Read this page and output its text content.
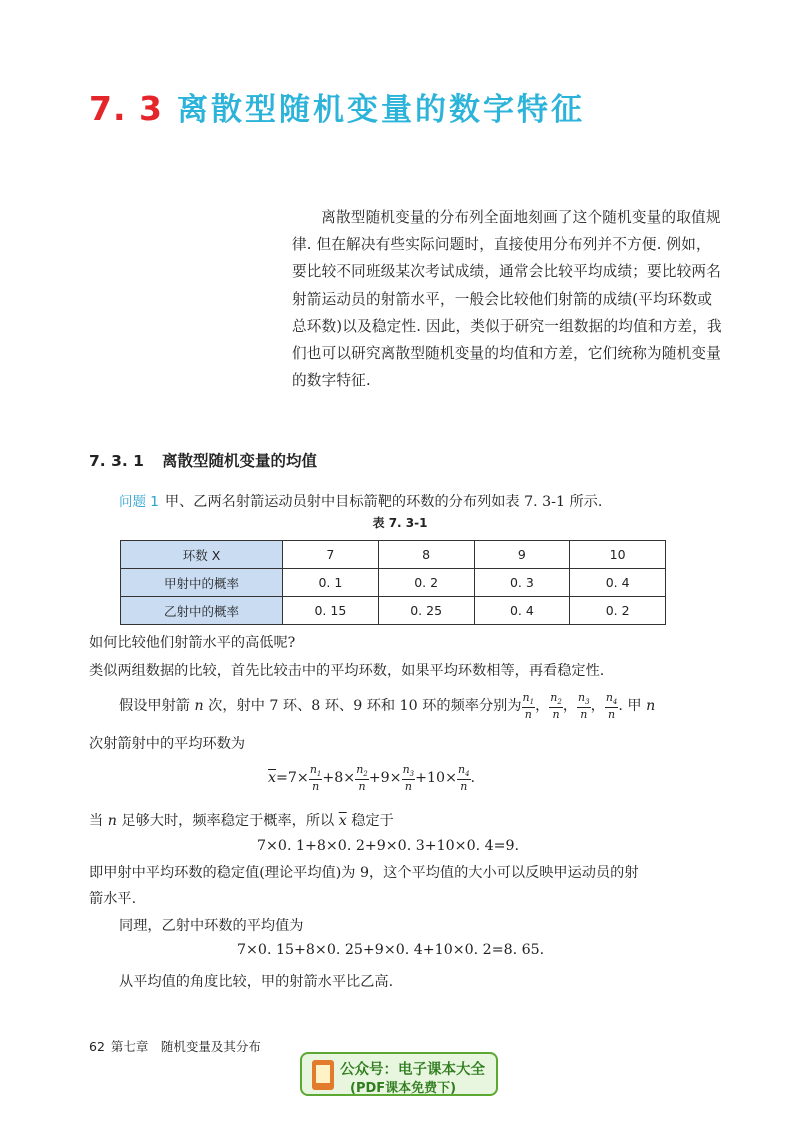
7. 3 离散型随机变量的数字特征
离散型随机变量的分布列全面地刻画了这个随机变量的取值规律. 但在解决有些实际问题时，直接使用分布列并不方便. 例如，要比较不同班级某次考试成绩，通常会比较平均成绩；要比较两名射箭运动员的射箭水平，一般会比较他们射箭的成绩(平均环数或总环数)以及稳定性. 因此，类似于研究一组数据的均值和方差，我们也可以研究离散型随机变量的均值和方差，它们统称为随机变量的数字特征.
7. 3. 1 离散型随机变量的均值
问题 1 甲、乙两名射箭运动员射中目标箭靶的环数的分布列如表 7. 3-1 所示.
表 7. 3-1
环数 X	7	8	9	10
甲射中的概率	0. 1	0. 2	0. 3	0. 4
乙射中的概率	0. 15	0. 25	0. 4	0. 2
如何比较他们射箭水平的高低呢?
类似两组数据的比较，首先比较击中的平均环数，如果平均环数相等，再看稳定性.
假设甲射箭 n 次，射中 7 环、8 环、9 环和 10 环的频率分别为 $\frac{n_1}{n}$ ， $\frac{n_2}{n}$ ， $\frac{n_3}{n}$ ， $\frac{n_4}{n}$ . 甲 n
次射箭射中的平均环数为
$\overline{x}=7\times \frac{n_1}{n} +8\times \frac{n_2}{n} +9\times \frac{n_3}{n} +10\times \frac{n_4}{n}$ .
当 n 足够大时，频率稳定于概率，所以 $\overline{x}$ 稳定于
7×0. 1+8×0. 2+9×0. 3+10×0. 4=9.
即甲射中平均环数的稳定值(理论平均值)为 9，这个平均值的大小可以反映甲运动员的射
箭水平.
同理，乙射中环数的平均值为
7×0. 15+8×0. 25+9×0. 4+10×0. 2=8. 65.
从平均值的角度比较，甲的射箭水平比乙高.
62 第七章　随机变量及其分布
公众号：电子课本大全
(PDF课本免费下)
